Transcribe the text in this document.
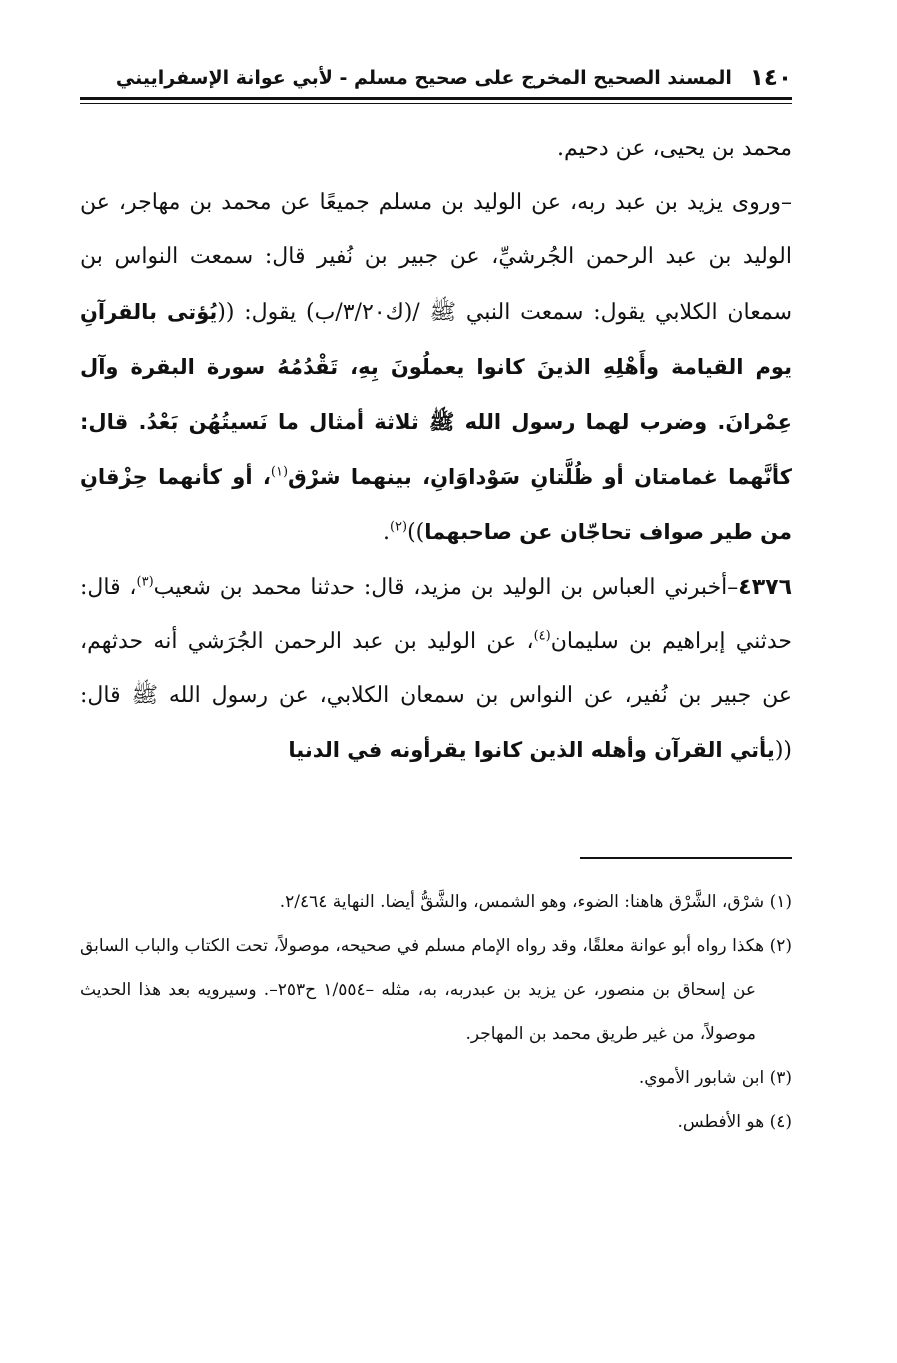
١٤٠
المسند الصحيح المخرج على صحيح مسلم - لأبي عوانة الإسفراييني

محمد بن يحيى، عن دحيم.

–وروى يزيد بن عبد ربه، عن الوليد بن مسلم جميعًا عن محمد بن مهاجر، عن الوليد بن عبد الرحمن الجُرشيِّ، عن جبير بن نُفير قال: سمعت النواس بن سمعان الكلابي يقول: سمعت النبي ﷺ /(ك٣/٢٠/ب) يقول: ((يُؤتى بالقرآنِ يوم القيامة وأَهْلِهِ الذينَ كانوا يعملُونَ بِهِ، تَقْدُمُهُ سورة البقرة وآل عِمْرانَ. وضرب لهما رسول الله ﷺ ثلاثة أمثال ما نَسيتُهُن بَعْدُ. قال: كأنَّهما غمامتان أو ظُلَّتانِ سَوْداوَانِ، بينهما شرْق$^{(١)}$، أو كأنهما حِزْقانِ من طير صواف تحاجّان عن صاحبهما))$^{(٢)}$.

٤٣٧٦–أخبرني العباس بن الوليد بن مزيد، قال: حدثنا محمد بن شعيب$^{(٣)}$، قال: حدثني إبراهيم بن سليمان$^{(٤)}$، عن الوليد بن عبد الرحمن الجُرَشي أنه حدثهم، عن جبير بن نُفير، عن النواس بن سمعان الكلابي، عن رسول الله ﷺ قال: ((يأتي القرآن وأهله الذين كانوا يقرأونه في الدنيا

(١) شرْق، الشَّرْق هاهنا: الضوء، وهو الشمس، والشَّقُّ أيضا. النهاية ٢/٤٦٤.

(٢) هكذا رواه أبو عوانة معلقًا، وقد رواه الإمام مسلم في صحيحه، موصولاً، تحت الكتاب والباب السابق عن إسحاق بن منصور، عن يزيد بن عبدربه، به، مثله –١/٥٥٤ ح٢٥٣–. وسيرويه بعد هذا الحديث موصولاً، من غير طريق محمد بن المهاجر.

(٣) ابن شابور الأموي.

(٤) هو الأفطس.
